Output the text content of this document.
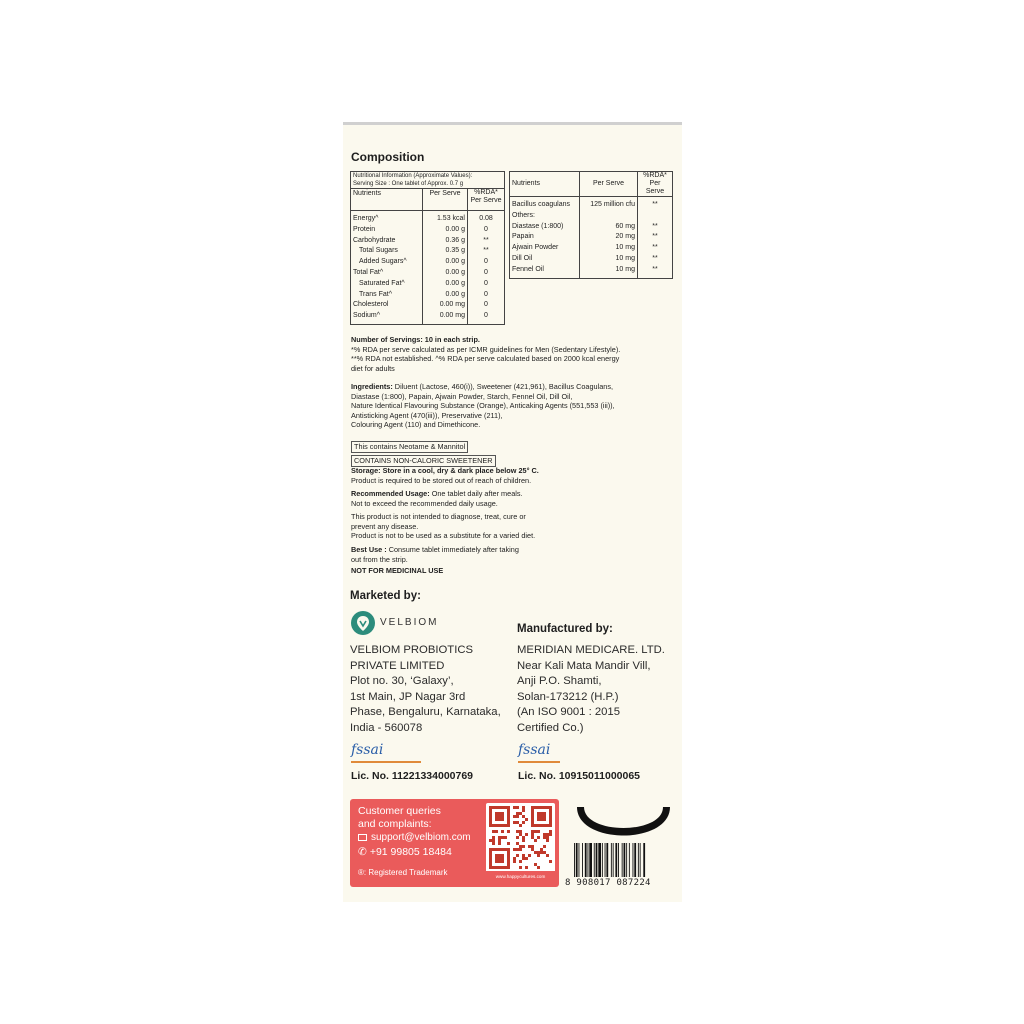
Composition
Nutritional Information (Approximate Values):
Serving Size : One tablet of Approx. 0.7 g		

Nutrients	Per Serve	%RDA* Per Serve
Energy^	1.53 kcal	0.08
Protein	0.00 g	0
Carbohydrate	0.36 g	**
Total Sugars	0.35 g	**
Added Sugars^	0.00 g	0
Total Fat^	0.00 g	0
Saturated Fat^	0.00 g	0
Trans Fat^	0.00 g	0
Cholesterol	0.00 mg	0
Sodium^	0.00 mg	0
Nutrients	Per Serve	%RDA* Per Serve
Bacillus coagulans	125 million cfu	**
Others:		
Diastase (1:800)	60 mg	**
Papain	20 mg	**
Ajwain Powder	10 mg	**
Dill Oil	10 mg	**
Fennel Oil	10 mg	**
Number of Servings: 10 in each strip.
*% RDA per serve calculated as per ICMR guidelines for Men (Sedentary Lifestyle).
**% RDA not established. ^% RDA per serve calculated based on 2000 kcal energy
diet for adults
Ingredients: Diluent (Lactose, 460(i)), Sweetener (421,961), Bacillus Coagulans,
Diastase (1:800), Papain, Ajwain Powder, Starch, Fennel Oil, Dill Oil,
Nature Identical Flavouring Substance (Orange), Anticaking Agents (551,553 (iii)),
Antisticking Agent (470(iii)), Preservative (211),
Colouring Agent (110) and Dimethicone.
This contains Neotame & Mannitol
CONTAINS NON-CALORIC SWEETENER
Storage: Store in a cool, dry & dark place below 25° C.
Product is required to be stored out of reach of children.
Recommended Usage: One tablet daily after meals.
Not to exceed the recommended daily usage.
This product is not intended to diagnose, treat, cure or
prevent any disease.
Product is not to be used as a substitute for a varied diet.
Best Use : Consume tablet immediately after taking
out from the strip.
NOT FOR MEDICINAL USE
Marketed by:
VELBIOM
VELBIOM PROBIOTICS
PRIVATE LIMITED
Plot no. 30, ‘Galaxy’,
1st Main, JP Nagar 3rd
Phase, Bengaluru, Karnataka,
India - 560078
fssai
Lic. No. 11221334000769
Manufactured by:
MERIDIAN MEDICARE. LTD.
Near Kali Mata Mandir Vill,
Anji P.O. Shamti,
Solan-173212 (H.P.)
(An ISO 9001 : 2015
Certified Co.)
fssai
Lic. No. 10915011000065
Customer queries
and complaints:
support@velbiom.com
✆ +91 99805 18484
®: Registered Trademark	www.happycultures.com
8 908017 087224
